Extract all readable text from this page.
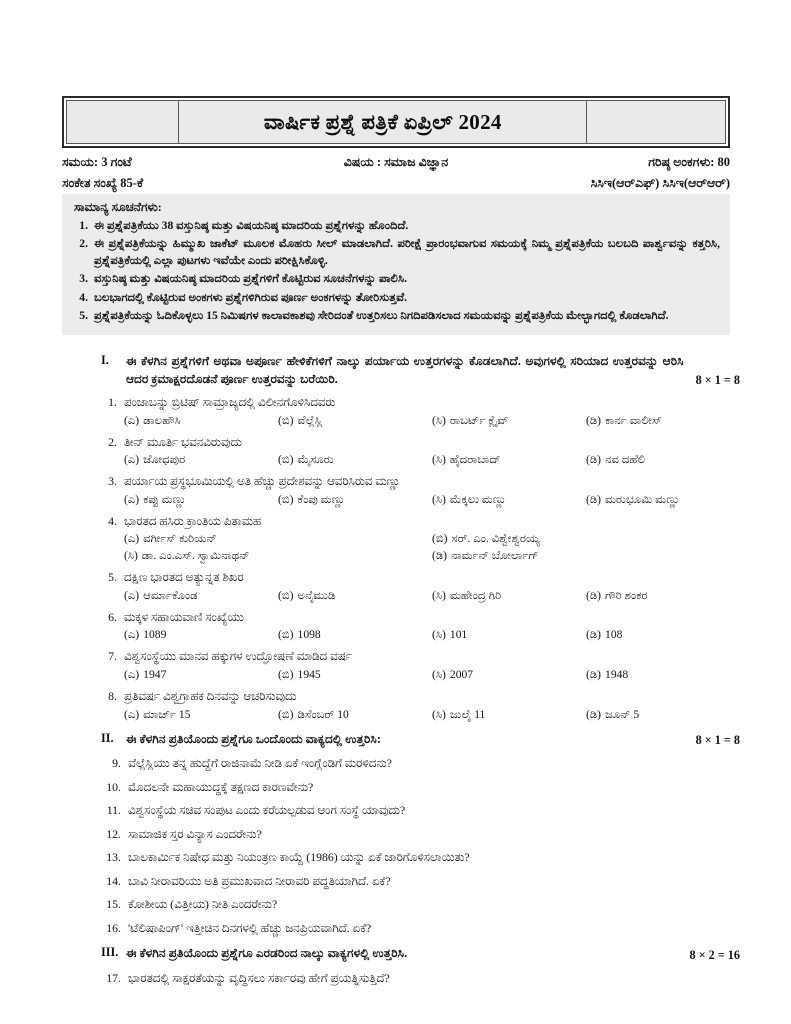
ವಾರ್ಷಿಕ ಪ್ರಶ್ನೆ ಪತ್ರಿಕೆ ಏಪ್ರಿಲ್ 2024
ಸಮಯ: 3 ಗಂಟೆ	ವಿಷಯ : ಸಮಾಜ ವಿಜ್ಞಾನ	ಗರಿಷ್ಠ ಅಂಕಗಳು: 80
ಸಂಕೇತ ಸಂಖ್ಯೆ 85-ಕೆ	ಸಿಸಿಇ(ಆರ್‌ಎಫ್‌) ಸಿಸಿಇ(ಆರ್‌ಆರ್‌)
ಸಾಮಾನ್ಯ ಸೂಚನೆಗಳು:
1. ಈ ಪ್ರಶ್ನೆಪತ್ರಿಕೆಯು 38 ವಸ್ತುನಿಷ್ಠ ಮತ್ತು ವಿಷಯನಿಷ್ಠ ಮಾದರಿಯ ಪ್ರಶ್ನೆಗಳನ್ನು ಹೊಂದಿದೆ.
2. ಈ ಪ್ರಶ್ನೆಪತ್ರಿಕೆಯನ್ನು ಹಿಮ್ಮುಖ ಜಾಕೆಟ್ ಮೂಲಕ ಮೊಹರು ಸೀಲ್ ಮಾಡಲಾಗಿದೆ. ಪರೀಕ್ಷೆ ಪ್ರಾರಂಭವಾಗುವ ಸಮಯಕ್ಕೆ ನಿಮ್ಮ ಪ್ರಶ್ನೆಪತ್ರಿಕೆಯ ಬಲಬದಿ ಪಾರ್ಶ್ವವನ್ನು ಕತ್ತರಿಸಿ, ಪ್ರಶ್ನೆಪತ್ರಿಕೆಯಲ್ಲಿ ಎಲ್ಲಾ ಪುಟಗಳು ಇವೆಯೇ ಎಂದು ಪರೀಕ್ಷಿಸಿಕೊಳ್ಳಿ.
3. ವಸ್ತುನಿಷ್ಠ ಮತ್ತು ವಿಷಯನಿಷ್ಠ ಮಾದರಿಯ ಪ್ರಶ್ನೆಗಳಿಗೆ ಕೊಟ್ಟಿರುವ ಸೂಚನೆಗಳನ್ನು ಪಾಲಿಸಿ.
4. ಬಲಭಾಗದಲ್ಲಿ ಕೊಟ್ಟಿರುವ ಅಂಕಗಳು ಪ್ರಶ್ನೆಗಳಿಗಿರುವ ಪೂರ್ಣ ಅಂಕಗಳನ್ನು ತೋರಿಸುತ್ತವೆ.
5. ಪ್ರಶ್ನೆಪತ್ರಿಕೆಯನ್ನು ಓದಿಕೊಳ್ಳಲು 15 ನಿಮಿಷಗಳ ಕಾಲಾವಕಾಶವು ಸೇರಿದಂತೆ ಉತ್ತರಿಸಲು ನಿಗದಿಪಡಿಸಲಾದ ಸಮಯವನ್ನು ಪ್ರಶ್ನೆಪತ್ರಿಕೆಯ ಮೇಲ್ಭಾಗದಲ್ಲಿ ಕೊಡಲಾಗಿದೆ.
I.	ಈ ಕೆಳಗಿನ ಪ್ರಶ್ನೆಗಳಿಗೆ ಅಥವಾ ಅಪೂರ್ಣ ಹೇಳಿಕೆಗಳಿಗೆ ನಾಲ್ಕು ಪರ್ಯಾಯ ಉತ್ತರಗಳನ್ನು ಕೊಡಲಾಗಿದೆ. ಅವುಗಳಲ್ಲಿ ಸರಿಯಾದ ಉತ್ತರವನ್ನು ಆರಿಸಿ ಆದರ ಕ್ರಮಾಕ್ಷರದೊಡನೆ ಪೂರ್ಣ ಉತ್ತರವನ್ನು ಬರೆಯಿರಿ.	8 × 1 = 8
1. ಪಂಜಾಬನ್ನು ಬ್ರಿಟಿಷ್ ಸಾಮ್ರಾಜ್ಯದಲ್ಲಿ ವಿಲೀನಗೊಳಿಸಿದವರು
(ಎ) ಡಾಲಹೌಸಿ	(ಬಿ) ವೆಲ್ಲೆಸ್ಲಿ	(ಸಿ) ರಾಬರ್ಟ್ ಕ್ಲೈವ್	(ಡಿ) ಕಾರ್ನ ವಾಲೀಸ್
2. ತೀನ್ ಮೂರ್ತಿ ಭವನವಿರುವುದು
(ಎ) ಜೋಧಪುರ	(ಬಿ) ಮೈಸೂರು	(ಸಿ) ಹೈದರಾಬಾದ್	(ಡಿ) ನವ ದಹೆಲಿ
3. ಪರ್ಯಾಯ ಪ್ರಸ್ಥಭೂಮಿಯಲ್ಲಿ ಅತಿ ಹೆಚ್ಚು ಪ್ರದೇಶವನ್ನು ಆವರಿಸಿರುವ ಮಣ್ಣು
(ಎ) ಕಪ್ಪು ಮಣ್ಣು	(ಬಿ) ಕೆಂಪು ಮಣ್ಣು	(ಸಿ) ಮೆಕ್ಕಲು ಮಣ್ಣು	(ಡಿ) ಮರುಭೂಮಿ ಮಣ್ಣು
4. ಭಾರತದ ಹಸಿರು ಕ್ರಾಂತಿಯ ಪಿತಾಮಹ
(ಎ) ವರ್ಗೀಸ್ ಕುರಿಯನ್	(ಬಿ) ಸರ್. ಎಂ. ವಿಶ್ವೇಶ್ವರಯ್ಯ
(ಸಿ) ಡಾ. ಎಂ.ಎಸ್. ಸ್ವಾಮಿನಾಥನ್	(ಡಿ) ನಾರ್ಮನ್ ಬೋರ್ಲಾಗ್
5. ದಕ್ಷಿಣ ಭಾರತದ ಅತ್ಯುನ್ನತ ಶಿಖರ
(ಎ) ಆರ್ಮಾಕೊಂಡ	(ಬಿ) ಅನೈಮುಡಿ	(ಸಿ) ಮಹೇಂದ್ರ ಗಿರಿ	(ಡಿ) ಗೌರಿ ಶಂಕರ
6. ಮಕ್ಕಳ ಸಹಾಯವಾಣಿ ಸಂಖ್ಯೆಯು
(ಎ) 1089	(ಬಿ) 1098	(ಸಿ) 101	(ಡಿ) 108
7. ವಿಶ್ವಸಂಸ್ಥೆಯು ಮಾನವ ಹಕ್ಕುಗಳ ಉದ್ಘೋಷಣೆ ಮಾಡಿದ ವರ್ಷ
(ಎ) 1947	(ಬಿ) 1945	(ಸಿ) 2007	(ಡಿ) 1948
8. ಪ್ರತಿವರ್ಷ ವಿಶ್ವಗ್ರಾಹಕ ದಿನವನ್ನು ಆಚರಿಸುವುದು
(ಎ) ಮಾರ್ಚ್ 15	(ಬಿ) ಡಿಸೆಂಬರ್ 10	(ಸಿ) ಜುಲೈ 11	(ಡಿ) ಜೂನ್ 5
II.	ಈ ಕೆಳಗಿನ ಪ್ರತಿಯೊಂದು ಪ್ರಶ್ನೆಗೂ ಒಂದೊಂದು ವಾಕ್ಯದಲ್ಲಿ ಉತ್ತರಿಸಿ:	8 × 1 = 8
9. ವೆಲ್ಲೆಸ್ಲಿಯು ತನ್ನ ಹುದ್ದೆಗೆ ರಾಜಿನಾಮೆ ನೀಡಿ ಏಕೆ ಇಂಗ್ಲೆಂಡಿಗೆ ಮರಳಿದನು?
10. ಮೊದಲನೇ ಮಹಾಯುದ್ಧಕ್ಕೆ ತಕ್ಷಣದ ಕಾರಣವೇನು?
11. ವಿಶ್ವಸಂಸ್ಥೆಯ ಸಚಿವ ಸಂಪುಟ ಎಂದು ಕರೆಯಲ್ಪಡುವ ಆಂಗ ಸಂಸ್ಥೆ ಯಾವುದು?
12. ಸಾಮಾಜಿಕ ಸ್ತರ ವಿನ್ಯಾಸ ಎಂದರೇನು?
13. ಬಾಲಕಾರ್ಮಿಕ ನಿಷೇಧ ಮತ್ತು ನಿಯಂತ್ರಣ ಕಾಯ್ದೆ (1986) ಯನ್ನು ಏಕೆ ಜಾರಿಗೊಳಿಸಲಾಯಿತು?
14. ಬಾವಿ ನೀರಾವರಿಯು ಅತಿ ಪ್ರಮುಖವಾದ ನೀರಾವರಿ ಪದ್ಧತಿಯಾಗಿದೆ. ಏಕೆ?
15. ಕೋಶೀಯ (ವಿತ್ತೀಯ) ನೀತಿ ಎಂದರೇನು?
16. 'ಟೆಲಿಷಾಪಿಂಗ್' ಇತ್ತೀಚಿನ ದಿನಗಳಲ್ಲಿ ಹೆಚ್ಚು ಜನಪ್ರಿಯವಾಗಿದೆ. ಏಕೆ?
III. ಈ ಕೆಳಗಿನ ಪ್ರತಿಯೊಂದು ಪ್ರಶ್ನೆಗೂ ಎರಡರಿಂದ ನಾಲ್ಕು ವಾಕ್ಯಗಳಲ್ಲಿ ಉತ್ತರಿಸಿ.	8 × 2 = 16
17. ಭಾರತದಲ್ಲಿ ಸಾಕ್ಷರತೆಯನ್ನು ವೃದ್ಧಿಸಲು ಸರ್ಕಾರವು ಹೇಗೆ ಪ್ರಯತ್ನಿಸುತ್ತಿದೆ?
